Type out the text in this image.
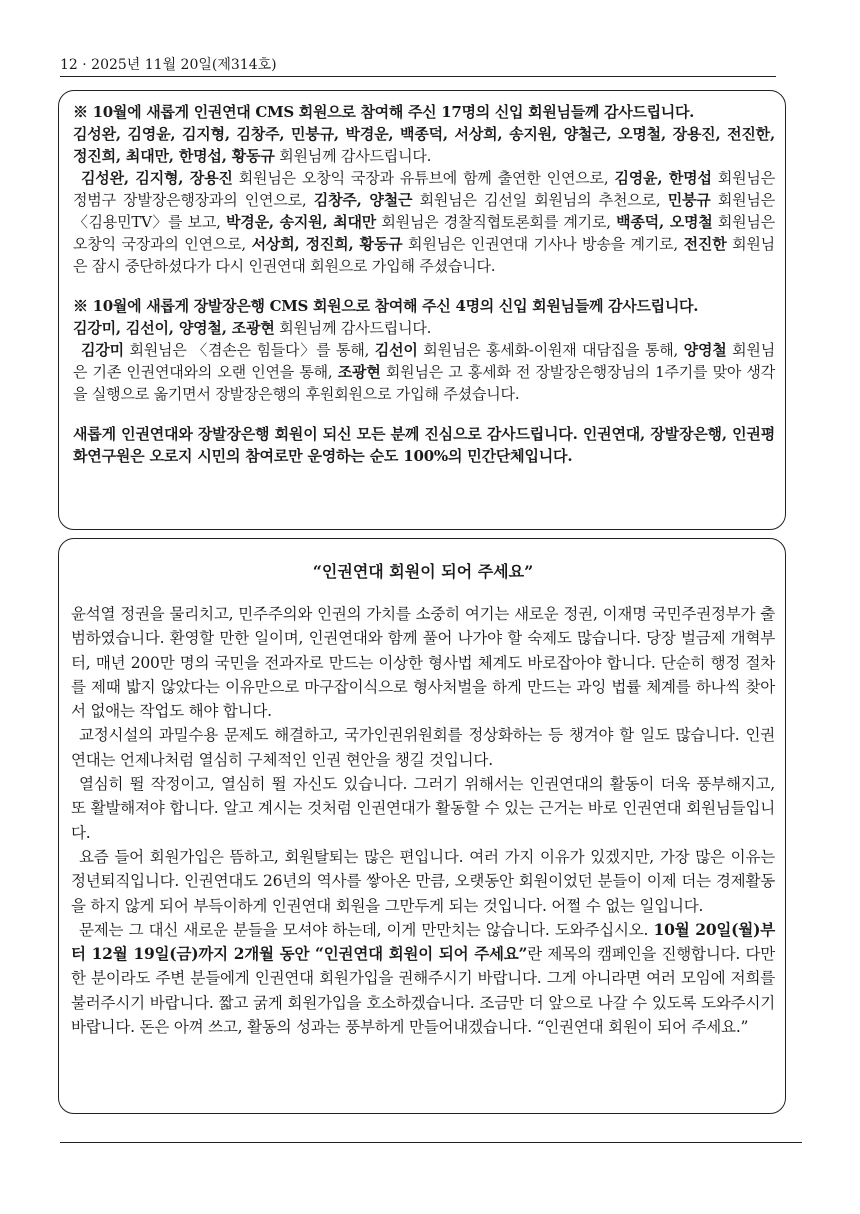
12 · 2025년 11월 20일(제314호)

※ 10월에 새롭게 인권연대 CMS 회원으로 참여해 주신 17명의 신입 회원님들께 감사드립니다.

김성완, 김영윤, 김지형, 김창주, 민붕규, 박경운, 백종덕, 서상희, 송지원, 양철근, 오명철, 장용진, 전진한, 정진희, 최대만, 한명섭, 황동규 회원님께 감사드립니다.

김성완, 김지형, 장용진 회원님은 오창익 국장과 유튜브에 함께 출연한 인연으로, 김영윤, 한명섭 회원님은 정범구 장발장은행장과의 인연으로, 김창주, 양철근 회원님은 김선일 회원님의 추천으로, 민붕규 회원님은 〈김용민TV〉를 보고, 박경운, 송지원, 최대만 회원님은 경찰직협토론회를 계기로, 백종덕, 오명철 회원님은 오창익 국장과의 인연으로, 서상희, 정진희, 황동규 회원님은 인권연대 기사나 방송을 계기로, 전진한 회원님은 잠시 중단하셨다가 다시 인권연대 회원으로 가입해 주셨습니다.

※ 10월에 새롭게 장발장은행 CMS 회원으로 참여해 주신 4명의 신입 회원님들께 감사드립니다.

김강미, 김선이, 양영철, 조광현 회원님께 감사드립니다.

김강미 회원님은 〈겸손은 힘들다〉를 통해, 김선이 회원님은 홍세화-이원재 대담집을 통해, 양영철 회원님은 기존 인권연대와의 오랜 인연을 통해, 조광현 회원님은 고 홍세화 전 장발장은행장님의 1주기를 맞아 생각을 실행으로 옮기면서 장발장은행의 후원회원으로 가입해 주셨습니다.

새롭게 인권연대와 장발장은행 회원이 되신 모든 분께 진심으로 감사드립니다. 인권연대, 장발장은행, 인권평화연구원은 오로지 시민의 참여로만 운영하는 순도 100%의 민간단체입니다.

“인권연대 회원이 되어 주세요”

윤석열 정권을 물리치고, 민주주의와 인권의 가치를 소중히 여기는 새로운 정권, 이재명 국민주권정부가 출범하였습니다. 환영할 만한 일이며, 인권연대와 함께 풀어 나가야 할 숙제도 많습니다. 당장 벌금제 개혁부터, 매년 200만 명의 국민을 전과자로 만드는 이상한 형사법 체계도 바로잡아야 합니다. 단순히 행정 절차를 제때 밟지 않았다는 이유만으로 마구잡이식으로 형사처벌을 하게 만드는 과잉 법률 체계를 하나씩 찾아서 없애는 작업도 해야 합니다.

교정시설의 과밀수용 문제도 해결하고, 국가인권위원회를 정상화하는 등 챙겨야 할 일도 많습니다. 인권연대는 언제나처럼 열심히 구체적인 인권 현안을 챙길 것입니다.

열심히 뛸 작정이고, 열심히 뛸 자신도 있습니다. 그러기 위해서는 인권연대의 활동이 더욱 풍부해지고, 또 활발해져야 합니다. 알고 계시는 것처럼 인권연대가 활동할 수 있는 근거는 바로 인권연대 회원님들입니다.

요즘 들어 회원가입은 뜸하고, 회원탈퇴는 많은 편입니다. 여러 가지 이유가 있겠지만, 가장 많은 이유는 정년퇴직입니다. 인권연대도 26년의 역사를 쌓아온 만큼, 오랫동안 회원이었던 분들이 이제 더는 경제활동을 하지 않게 되어 부득이하게 인권연대 회원을 그만두게 되는 것입니다. 어쩔 수 없는 일입니다.

문제는 그 대신 새로운 분들을 모셔야 하는데, 이게 만만치는 않습니다. 도와주십시오. 10월 20일(월)부터 12월 19일(금)까지 2개월 동안 “인권연대 회원이 되어 주세요”란 제목의 캠페인을 진행합니다. 다만 한 분이라도 주변 분들에게 인권연대 회원가입을 권해주시기 바랍니다. 그게 아니라면 여러 모임에 저희를 불러주시기 바랍니다. 짧고 굵게 회원가입을 호소하겠습니다. 조금만 더 앞으로 나갈 수 있도록 도와주시기 바랍니다. 돈은 아껴 쓰고, 활동의 성과는 풍부하게 만들어내겠습니다. “인권연대 회원이 되어 주세요.”
